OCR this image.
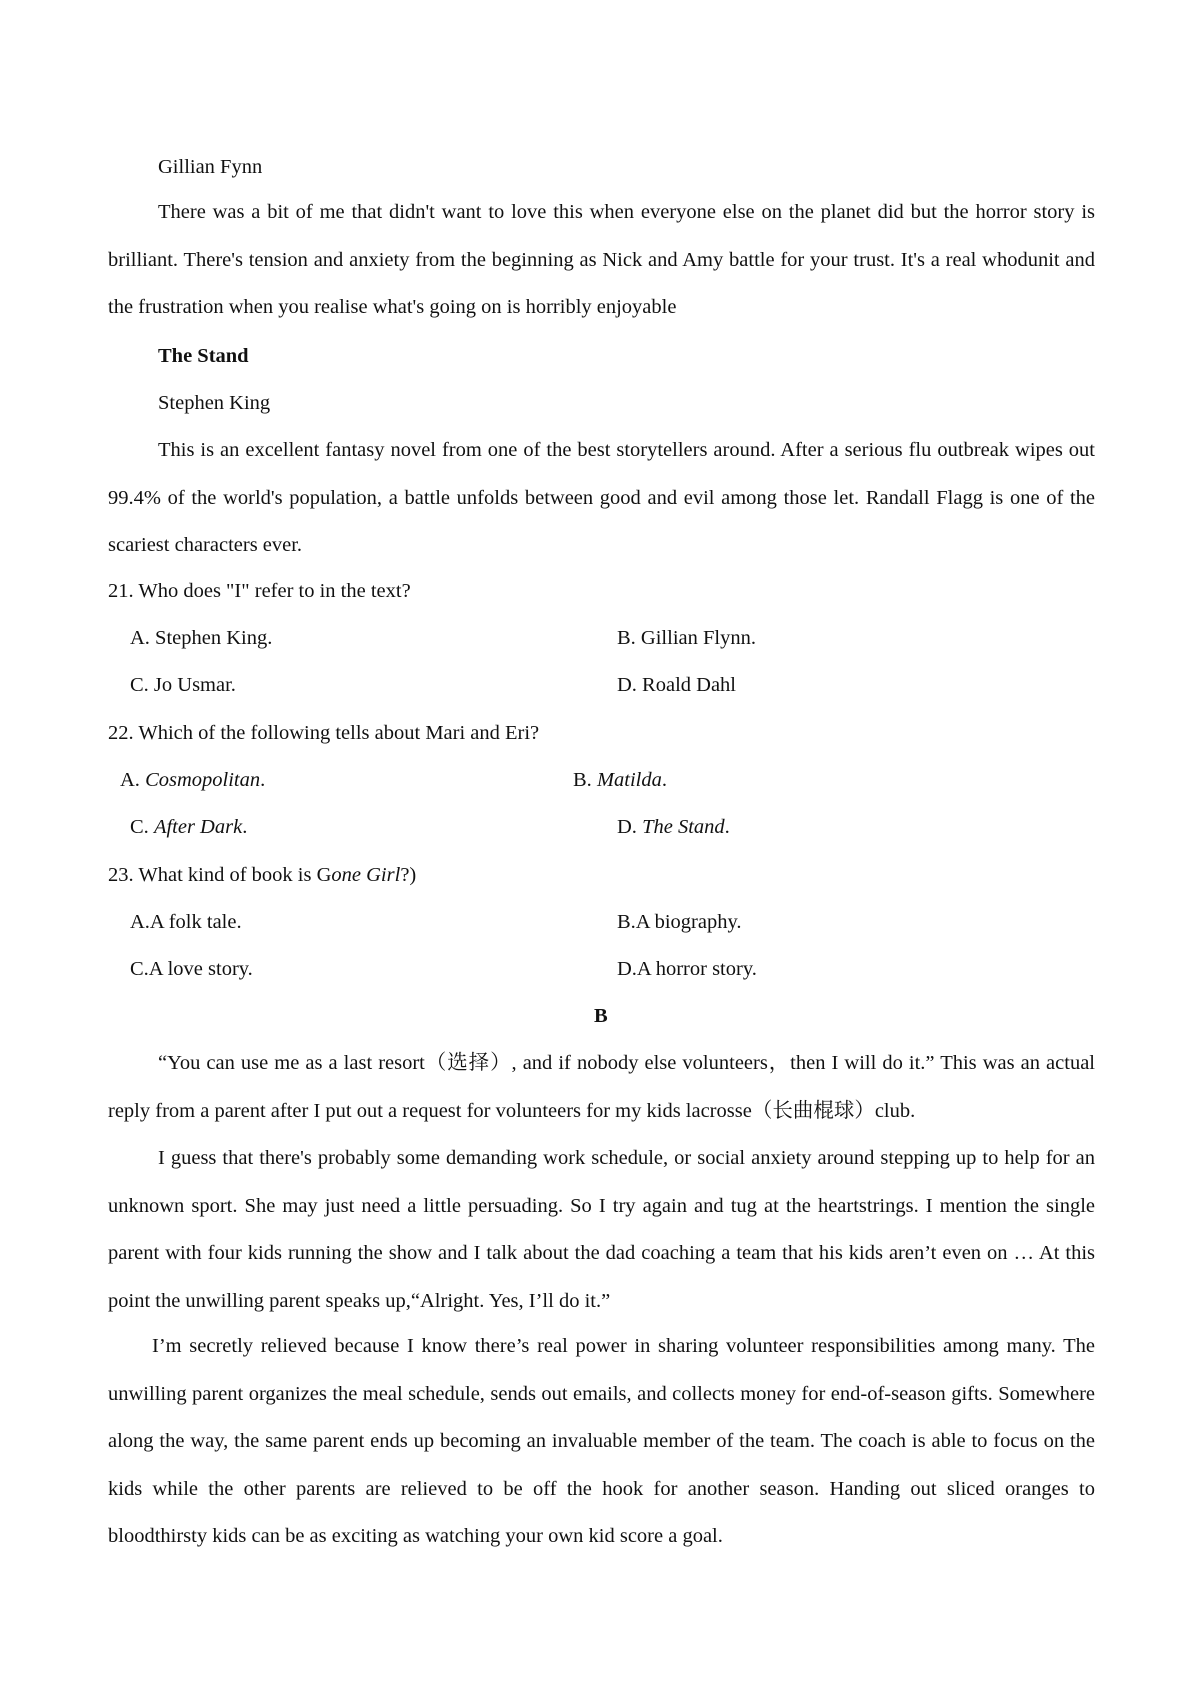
Gillian Fynn
There was a bit of me that didn't want to love this when everyone else on the planet did but the horror story is brilliant. There's tension and anxiety from the beginning as Nick and Amy battle for your trust. It's a real whodunit and the frustration when you realise what's going on is horribly enjoyable
The Stand
Stephen King
This is an excellent fantasy novel from one of the best storytellers around. After a serious flu outbreak wipes out 99.4% of the world's population, a battle unfolds between good and evil among those let. Randall Flagg is one of the scariest characters ever.
21. Who does "I" refer to in the text?
A. Stephen King.	B. Gillian Flynn.
C. Jo Usmar.	D. Roald Dahl
22. Which of the following tells about Mari and Eri?
A. Cosmopolitan.	B. Matilda.
C. After Dark.	D. The Stand.
23. What kind of book is Gone Girl?)
A.A folk tale.	B.A biography.
C.A love story.	D.A horror story.
B
“You can use me as a last resort（选择）, and if nobody else volunteers，then I will do it.” This was an actual reply from a parent after I put out a request for volunteers for my kids lacrosse（长曲棍球）club.
I guess that there's probably some demanding work schedule, or social anxiety around stepping up to help for an unknown sport. She may just need a little persuading. So I try again and tug at the heartstrings. I mention the single parent with four kids running the show and I talk about the dad coaching a team that his kids aren’t even on … At this point the unwilling parent speaks up,“Alright. Yes, I’ll do it.”
I’m secretly relieved because I know there’s real power in sharing volunteer responsibilities among many. The unwilling parent organizes the meal schedule, sends out emails, and collects money for end-of-season gifts. Somewhere along the way, the same parent ends up becoming an invaluable member of the team. The coach is able to focus on the kids while the other parents are relieved to be off the hook for another season. Handing out sliced oranges to bloodthirsty kids can be as exciting as watching your own kid score a goal.
